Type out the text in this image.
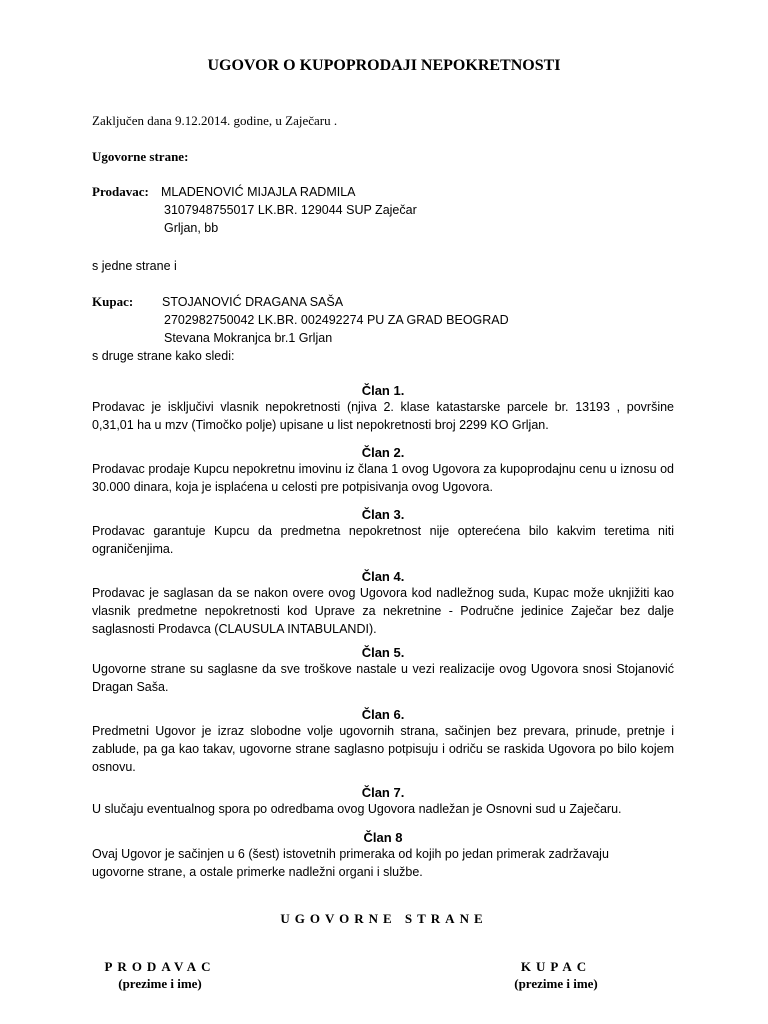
UGOVOR O KUPOPRODAJI NEPOKRETNOSTI
Zaključen dana 9.12.2014. godine, u Zaječaru .
Ugovorne strane:
Prodavac: MLADENOVIĆ MIJAJLA RADMILA
3107948755017 LK.BR. 129044 SUP Zaječar
Grljan, bb
s jedne strane i
Kupac: STOJANOVIĆ DRAGANA SAŠA
2702982750042 LK.BR. 002492274 PU ZA GRAD BEOGRAD
Stevana Mokranjca br.1 Grljan
s druge strane kako sledi:
Član 1.
Prodavac je isključivi vlasnik nepokretnosti (njiva 2. klase katastarske parcele br. 13193 , površine 0,31,01 ha u mzv (Timočko polje) upisane u list nepokretnosti broj 2299 KO Grljan.
Član 2.
Prodavac prodaje Kupcu nepokretnu imovinu iz člana 1 ovog Ugovora za kupoprodajnu cenu u iznosu od 30.000 dinara, koja je isplaćena u celosti pre potpisivanja ovog Ugovora.
Član 3.
Prodavac garantuje Kupcu da predmetna nepokretnost nije opterećena bilo kakvim teretima niti ograničenjima.
Član 4.
Prodavac je saglasan da se nakon overe ovog Ugovora kod nadležnog suda, Kupac može uknjižiti kao vlasnik predmetne nepokretnosti kod Uprave za nekretnine - Područne jedinice Zaječar bez dalje saglasnosti Prodavca (CLAUSULA INTABULANDI).
Član 5.
Ugovorne strane su saglasne da sve troškove nastale u vezi realizacije ovog Ugovora snosi Stojanović Dragan Saša.
Član 6.
Predmetni Ugovor je izraz slobodne volje ugovornih strana, sačinjen bez prevara, prinude, pretnje i zablude, pa ga kao takav, ugovorne strane saglasno potpisuju i odriču se raskida Ugovora po bilo kojem osnovu.
Član 7.
U slučaju eventualnog spora po odredbama ovog Ugovora nadležan je Osnovni sud u Zaječaru.
Član 8
Ovaj Ugovor je sačinjen u 6 (šest) istovetnih primeraka od kojih po jedan primerak zadržavaju ugovorne strane, a ostale primerke nadležni organi i službe.
UGOVORNE STRANE
PRODAVAC
(prezime i ime)
KUPAC
(prezime i ime)
